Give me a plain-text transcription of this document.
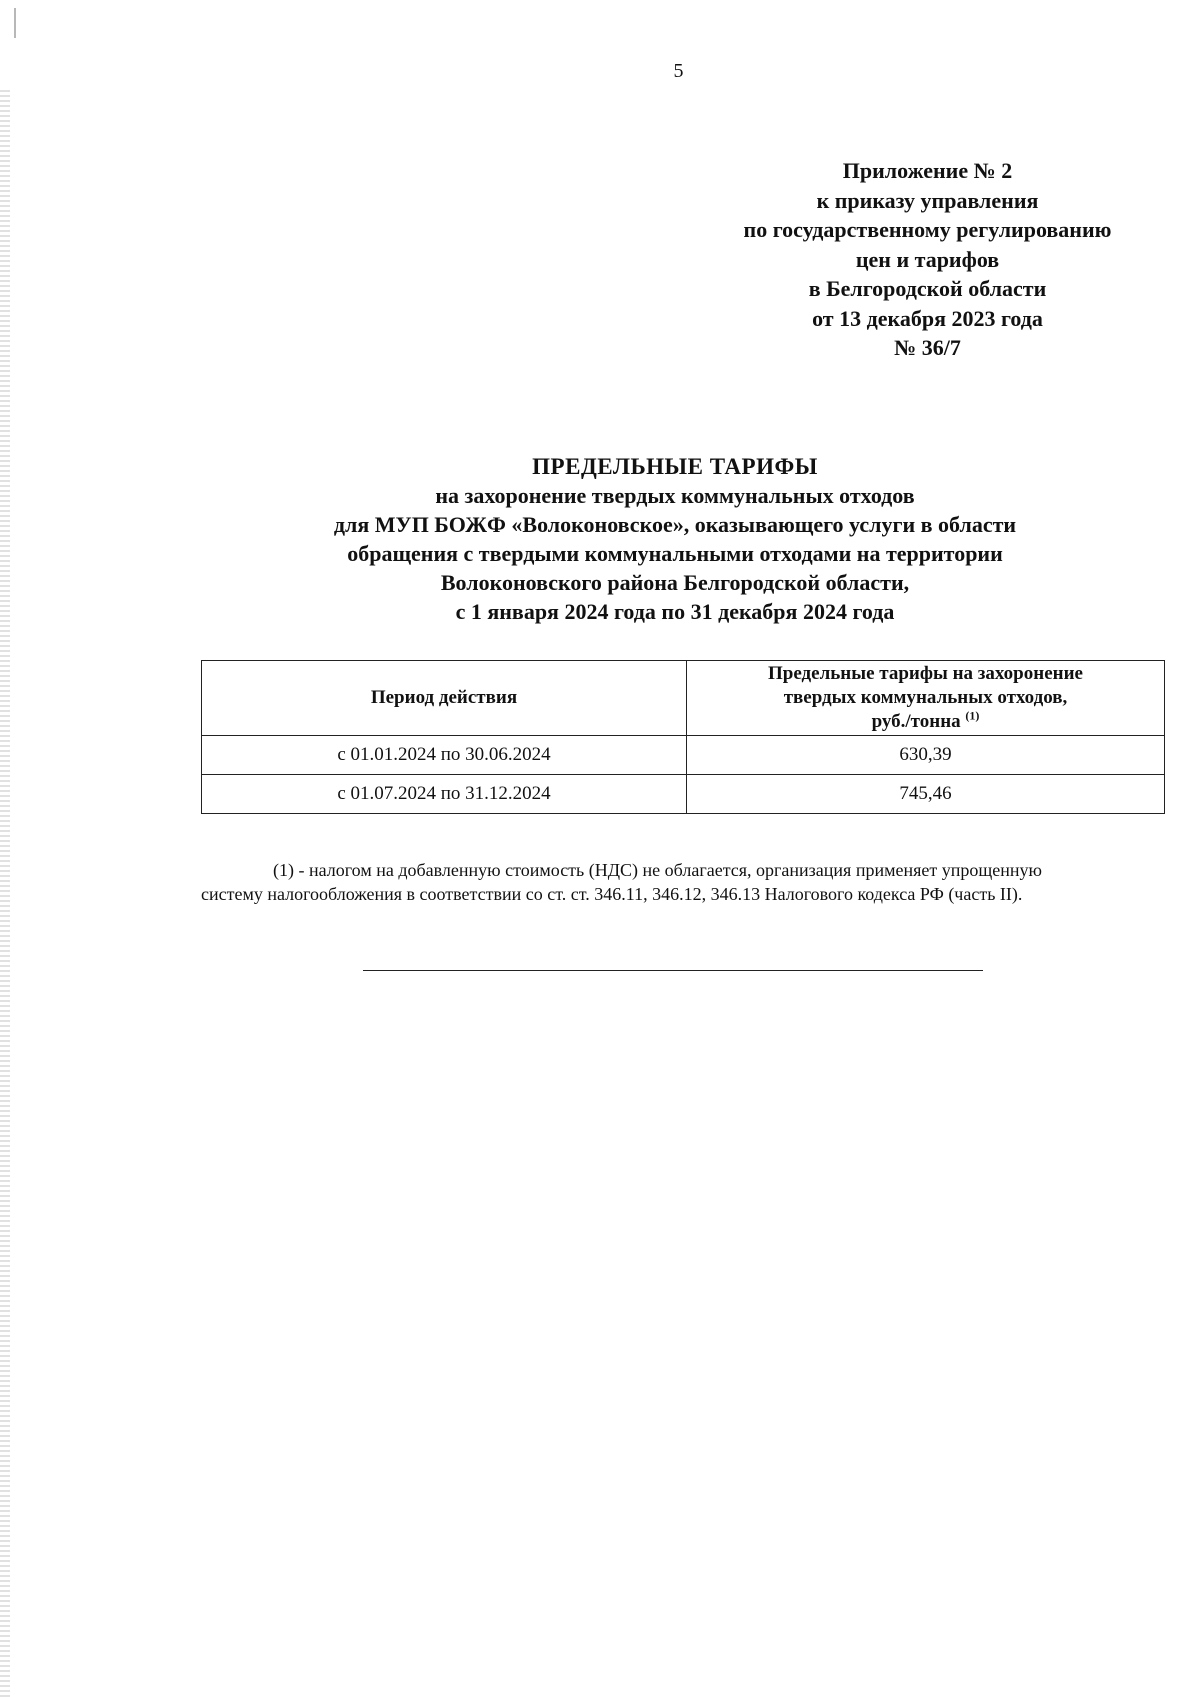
5
Приложение № 2
к приказу управления
по государственному регулированию
цен и тарифов
в Белгородской области
от 13 декабря 2023 года
№ 36/7
ПРЕДЕЛЬНЫЕ ТАРИФЫ
на захоронение твердых коммунальных отходов
для МУП БОЖФ «Волоконовское», оказывающего услуги в области
обращения с твердыми коммунальными отходами на территории
Волоконовского района Белгородской области,
с 1 января 2024 года по 31 декабря 2024 года
Период действия	Предельные тарифы на захоронение
твердых коммунальных отходов,
руб./тонна $^{(1)}$
с 01.01.2024 по 30.06.2024	630,39
с 01.07.2024 по 31.12.2024	745,46
(1) - налогом на добавленную стоимость (НДС) не облагается, организация применяет упрощенную
систему налогообложения в соответствии со ст. ст. 346.11, 346.12, 346.13 Налогового кодекса РФ (часть II).
